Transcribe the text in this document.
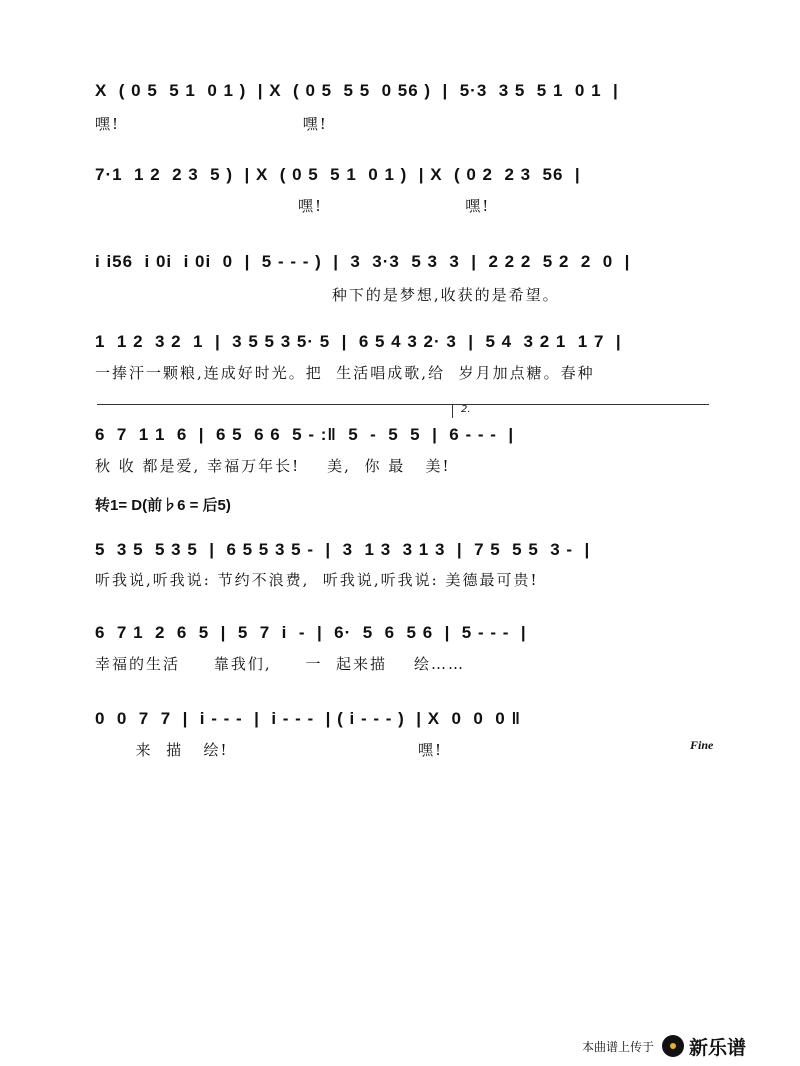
X  ( 0 5  5 1  0 1 )  | X  ( 0 5  5 5  0 56 )  |  5·3  3 5  5 1  0 1  |
嘿!                           嘿!
7·1  1 2  2 3  5 )  | X  ( 0 5  5 1  0 1 )  | X  ( 0 2  2 3  56  |
嘿!                     嘿!
i i56  i 0i  i 0i  0  |  5 - - - )  |  3  3·3  5 3  3  |  2 2 2  5 2  2  0  |
种下的是梦想,收获的是希望。
1  1 2  3 2  1  |  3 5 5 3 5· 5  |  6 5 4 3 2· 3  |  5 4  3 2 1  1 7  |
一捧汗一颗粮,连成好时光。把  生活唱成歌,给  岁月加点糖。春种
2.
6  7  1 1  6  |  6 5  6 6  5 - :‖  5  -  5  5  |  6 - - -  |
秋 收 都是爱, 幸福万年长!    美,  你 最   美!
转1= D(前♭6 = 后5)
5  3 5  5 3 5  |  6 5 5 3 5 -  |  3  1 3  3 1 3  |  7 5  5 5  3 -  |
听我说,听我说: 节约不浪费,  听我说,听我说: 美德最可贵!
6  7 1  2  6  5  |  5  7  i  -  |  6·  5  6  5 6  |  5 - - -  |
幸福的生活     靠我们,     一  起来描    绘……
0  0  7  7  |  i - - -  |  i - - -  | ( i - - - )  | X  0  0  0 ‖
来  描   绘!                            嘿!	Fine
本曲谱上传于 新乐谱
